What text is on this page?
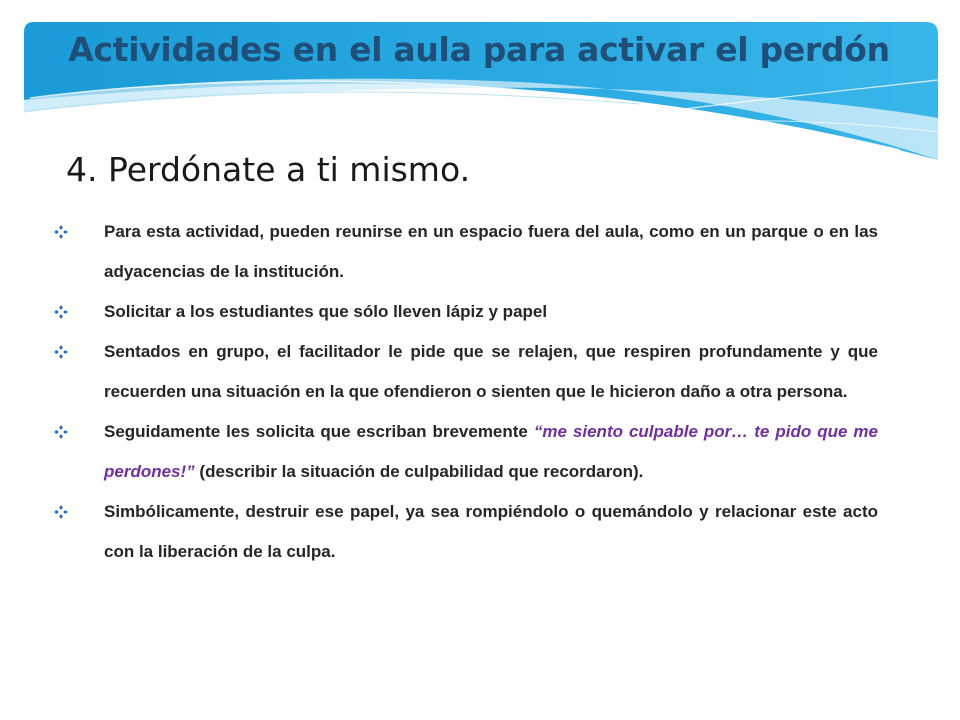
Actividades en el aula para activar el perdón
4. Perdónate a ti mismo.
Para esta actividad, pueden reunirse en un espacio fuera del aula, como en un parque o en las adyacencias de la institución.
Solicitar a los estudiantes que sólo lleven lápiz y papel
Sentados en grupo, el facilitador le pide que se relajen, que respiren profundamente y que recuerden una situación en la que ofendieron o sienten que le hicieron daño a otra persona.
Seguidamente les solicita que escriban brevemente “me siento culpable por… te pido que me perdones!” (describir la situación de culpabilidad que recordaron).
Simbólicamente, destruir ese papel, ya sea rompiéndolo o quemándolo y relacionar este acto con la liberación de la culpa.
